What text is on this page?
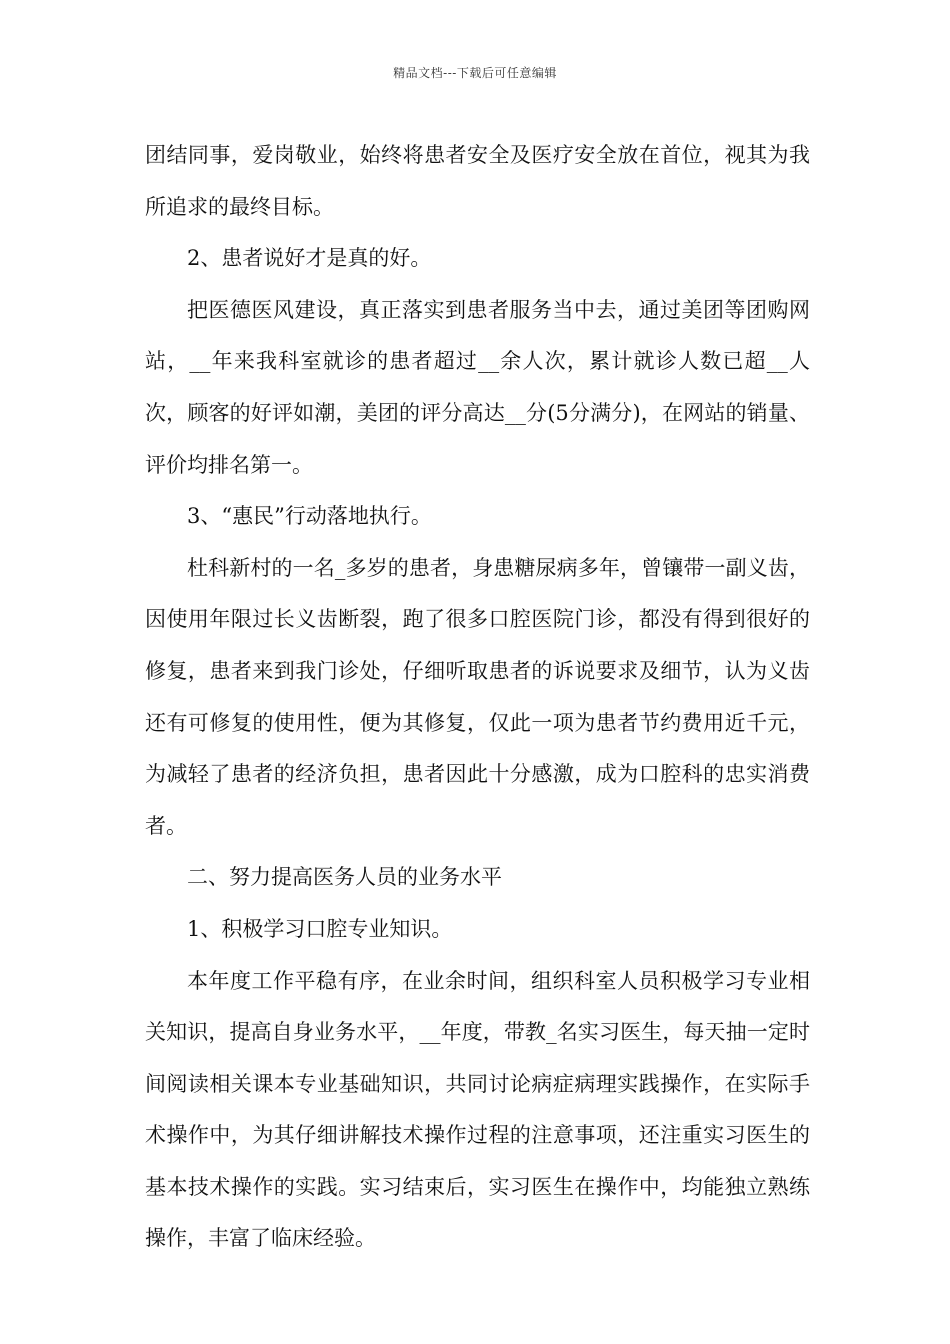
精品文档---下载后可任意编辑

团结同事，爱岗敬业，始终将患者安全及医疗安全放在首位，视其为我所追求的最终目标。

2、患者说好才是真的好。

把医德医风建设，真正落实到患者服务当中去，通过美团等团购网站，__年来我科室就诊的患者超过__余人次，累计就诊人数已超__人次，顾客的好评如潮，美团的评分高达__分(5分满分)，在网站的销量、评价均排名第一。

3、“惠民”行动落地执行。

杜科新村的一名_多岁的患者，身患糖尿病多年，曾镶带一副义齿，因使用年限过长义齿断裂，跑了很多口腔医院门诊，都没有得到很好的修复，患者来到我门诊处，仔细听取患者的诉说要求及细节，认为义齿还有可修复的使用性，便为其修复，仅此一项为患者节约费用近千元，为减轻了患者的经济负担，患者因此十分感激，成为口腔科的忠实消费者。

二、努力提高医务人员的业务水平

1、积极学习口腔专业知识。

本年度工作平稳有序，在业余时间，组织科室人员积极学习专业相关知识，提高自身业务水平，__年度，带教_名实习医生，每天抽一定时间阅读相关课本专业基础知识，共同讨论病症病理实践操作，在实际手术操作中，为其仔细讲解技术操作过程的注意事项，还注重实习医生的基本技术操作的实践。实习结束后，实习医生在操作中，均能独立熟练操作，丰富了临床经验。
